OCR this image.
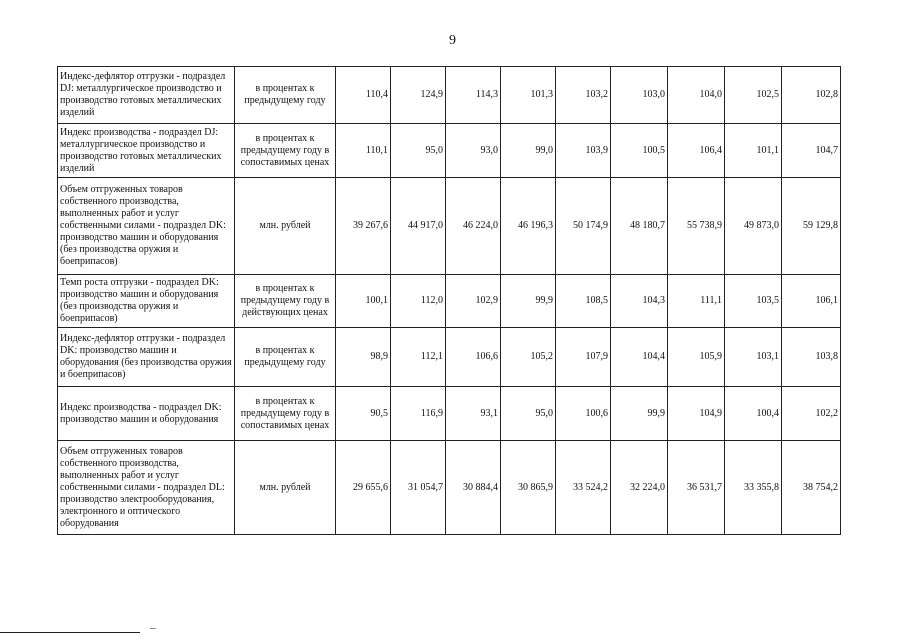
9
Индекс-дефлятор отгрузки - подраздел DJ: металлургическое производство и производство готовых металлических изделий	в процентах к предыдущему году	110,4	124,9	114,3	101,3	103,2	103,0	104,0	102,5	102,8
Индекс производства - подраздел DJ: металлургическое производство и производство готовых металлических изделий	в процентах к предыдущему году в сопоставимых ценах	110,1	95,0	93,0	99,0	103,9	100,5	106,4	101,1	104,7
Объем отгруженных товаров собственного производства, выполненных работ и услуг собственными силами - подраздел DK: производство машин и оборудования (без производства оружия и боеприпасов)	млн. рублей	39 267,6	44 917,0	46 224,0	46 196,3	50 174,9	48 180,7	55 738,9	49 873,0	59 129,8
Темп роста отгрузки - подраздел DK: производство машин и оборудования (без производства оружия и боеприпасов)	в процентах к предыдущему году в действующих ценах	100,1	112,0	102,9	99,9	108,5	104,3	111,1	103,5	106,1
Индекс-дефлятор отгрузки - подраздел DK: производство машин и оборудования (без производства оружия и боеприпасов)	в процентах к предыдущему году	98,9	112,1	106,6	105,2	107,9	104,4	105,9	103,1	103,8
Индекс производства - подраздел DK: производство машин и оборудования	в процентах к предыдущему году в сопоставимых ценах	90,5	116,9	93,1	95,0	100,6	99,9	104,9	100,4	102,2
Объем отгруженных товаров собственного производства, выполненных работ и услуг собственными силами - подраздел DL: производство электрооборудования, электронного и оптического оборудования	млн. рублей	29 655,6	31 054,7	30 884,4	30 865,9	33 524,2	32 224,0	36 531,7	33 355,8	38 754,2
